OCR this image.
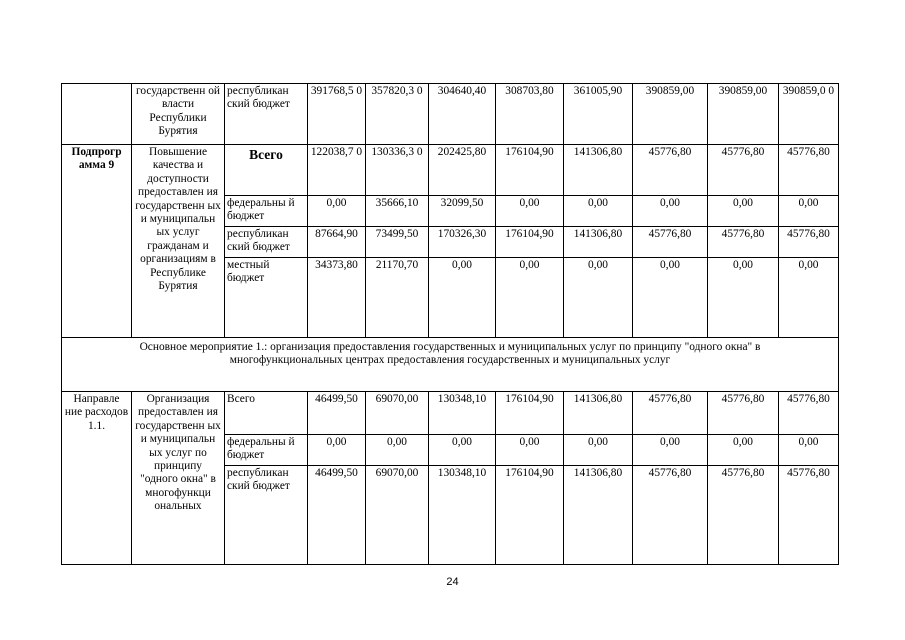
	государственн ой власти Республики Бурятия	республикан ский бюджет	391768,5 0	357820,3 0	304640,40	308703,80	361005,90	390859,00	390859,00	390859,0 0
Подпрогр амма 9	Повышение качества и доступности предоставлен ия государственн ых и муниципальн ых услуг гражданам и организациям в Республике Бурятия	Всего	122038,7 0	130336,3 0	202425,80	176104,90	141306,80	45776,80	45776,80	45776,80
		федеральны й бюджет	0,00	35666,10	32099,50	0,00	0,00	0,00	0,00	0,00
		республикан ский бюджет	87664,90	73499,50	170326,30	176104,90	141306,80	45776,80	45776,80	45776,80
		местный бюджет	34373,80	21170,70	0,00	0,00	0,00	0,00	0,00	0,00
Основное мероприятие 1.: организация предоставления государственных и муниципальных услуг по принципу "одного окна" в многофункциональных центрах предоставления государственных и муниципальных услуг										
Направле ние расходов 1.1.	Организация предоставлен ия государственн ых и муниципальн ых услуг по принципу "одного окна" в многофункци ональных	Всего	46499,50	69070,00	130348,10	176104,90	141306,80	45776,80	45776,80	45776,80
		федеральны й бюджет	0,00	0,00	0,00	0,00	0,00	0,00	0,00	0,00
		республикан ский бюджет	46499,50	69070,00	130348,10	176104,90	141306,80	45776,80	45776,80	45776,80
24
